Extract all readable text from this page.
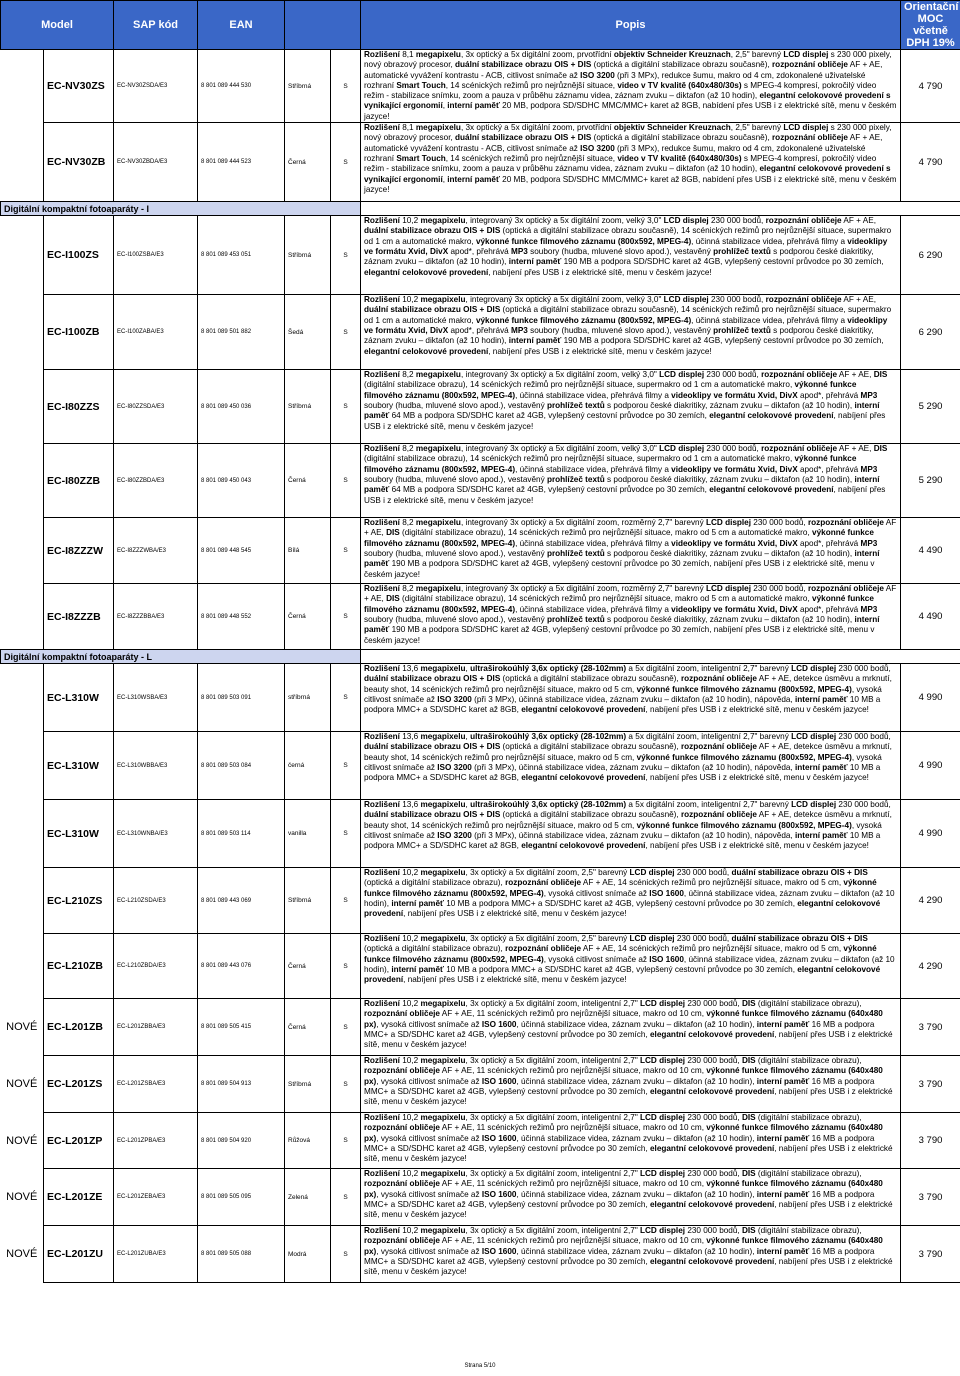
Model		SAP kód	EAN			Popis	Orientační
MOC včetně
DPH 19%
	EC-NV30ZS	EC-NV30ZSDA/E3	8 801 089 444 530	Stříbrná	S	Rozlišení 8,1 megapixelu, 3x optický a 5x digitální zoom, prvotřídní objektiv Schneider Kreuznach, 2,5" barevný LCD displej s 230 000 pixely, nový obrazový procesor, duální stabilizace obrazu OIS + DIS (optická a digitální stabilizace obrazu současně), rozpoznání obličeje AF + AE, automatické vyvážení kontrastu - ACB, citlivost snímače až ISO 3200 (při 3 MPx), redukce šumu, makro od 4 cm, zdokonalené uživatelské rozhraní Smart Touch, 14 scénických režimů pro nejrůznější situace, video v TV kvalitě (640x480/30s) s MPEG-4 kompresí, pokročilý video režim - stabilizace snímku, zoom a pauza v průběhu záznamu videa, záznam zvuku – diktafon (až 10 hodin), elegantní celokovové provedení s vynikající ergonomií, interní paměť 20 MB, podpora SD/SDHC MMC/MMC+ karet až 8GB, nabídení přes USB i z elektrické sítě, menu v českém jazyce!	4 790
	EC-NV30ZB	EC-NV30ZBDA/E3	8 801 089 444 523	Černá	S	Rozlišení 8,1 megapixelu, 3x optický a 5x digitální zoom, prvotřídní objektiv Schneider Kreuznach, 2,5" barevný LCD displej s 230 000 pixely, nový obrazový procesor, duální stabilizace obrazu OIS + DIS (optická a digitální stabilizace obrazu současně), rozpoznání obličeje AF + AE, automatické vyvážení kontrastu - ACB, citlivost snímače až ISO 3200 (při 3 MPx), redukce šumu, makro od 4 cm, zdokonalené uživatelské rozhraní Smart Touch, 14 scénických režimů pro nejrůznější situace, video v TV kvalitě (640x480/30s) s MPEG-4 kompresí, pokročilý video režim - stabilizace snímku, zoom a pauza v průběhu záznamu videa, záznam zvuku – diktafon (až 10 hodin), elegantní celokovové provedení s vynikající ergonomií, interní paměť 20 MB, podpora SD/SDHC MMC/MMC+ karet až 8GB, nabídení přes USB i z elektrické sítě, menu v českém jazyce!	4 790
Digitální kompaktní fotoaparáty - I							
	EC-I100ZS	EC-I100ZSBA/E3	8 801 089 453 051	Stříbrná	S	Rozlišení 10,2 megapixelu, integrovaný 3x optický a 5x digitální zoom, velký 3,0" LCD displej 230 000 bodů, rozpoznání obličeje AF + AE, duální stabilizace obrazu OIS + DIS (optická a digitální stabilizace obrazu současně), 14 scénických režimů pro nejrůznější situace, supermakro od 1 cm a automatické makro, výkonné funkce filmového záznamu (800x592, MPEG-4), účinná stabilizace videa, přehrává filmy a videoklipy ve formátu Xvid, DivX apod*, přehrává MP3 soubory (hudba, mluvené slovo apod.), vestavěný prohlížeč textů s podporou české diakritiky, záznam zvuku – diktafon (až 10 hodin), interní paměť 190 MB a podpora SD/SDHC karet až 4GB, vylepšený cestovní průvodce po 30 zemích, elegantní celokovové provedení, nabíjení přes USB i z elektrické sítě, menu v českém jazyce!	6 290
	EC-I100ZB	EC-I100ZABA/E3	8 801 089 501 882	Šedá	S	Rozlišení 10,2 megapixelu, integrovaný 3x optický a 5x digitální zoom, velký 3,0" LCD displej 230 000 bodů, rozpoznání obličeje AF + AE, duální stabilizace obrazu OIS + DIS (optická a digitální stabilizace obrazu současně), 14 scénických režimů pro nejrůznější situace, supermakro od 1 cm a automatické makro, výkonné funkce filmového záznamu (800x592, MPEG-4), účinná stabilizace videa, přehrává filmy a videoklipy ve formátu Xvid, DivX apod*, přehrává MP3 soubory (hudba, mluvené slovo apod.), vestavěný prohlížeč textů s podporou české diakritiky, záznam zvuku – diktafon (až 10 hodin), interní paměť 190 MB a podpora SD/SDHC karet až 4GB, vylepšený cestovní průvodce po 30 zemích, elegantní celokovové provedení, nabíjení přes USB i z elektrické sítě, menu v českém jazyce!	6 290
	EC-I80ZZS	EC-I80ZZSDA/E3	8 801 089 450 036	Stříbrná	S	Rozlišení 8,2 megapixelu, integrovaný 3x optický a 5x digitální zoom, velký 3,0" LCD displej 230 000 bodů, rozpoznání obličeje AF + AE, DIS (digitální stabilizace obrazu), 14 scénických režimů pro nejrůznější situace, supermakro od 1 cm a automatické makro, výkonné funkce filmového záznamu (800x592, MPEG-4), účinná stabilizace videa, přehrává filmy a videoklipy ve formátu Xvid, DivX apod*, přehrává MP3 soubory (hudba, mluvené slovo apod.), vestavěný prohlížeč textů s podporou české diakritiky, záznam zvuku – diktafon (až 10 hodin), interní paměť 64 MB a podpora SD/SDHC karet až 4GB, vylepšený cestovní průvodce po 30 zemích, elegantní celokovové provedení, nabíjení přes USB i z elektrické sítě, menu v českém jazyce!	5 290
	EC-I80ZZB	EC-I80ZZBDA/E3	8 801 089 450 043	Černá	S	Rozlišení 8,2 megapixelu, integrovaný 3x optický a 5x digitální zoom, velký 3,0" LCD displej 230 000 bodů, rozpoznání obličeje AF + AE, DIS (digitální stabilizace obrazu), 14 scénických režimů pro nejrůznější situace, supermakro od 1 cm a automatické makro, výkonné funkce filmového záznamu (800x592, MPEG-4), účinná stabilizace videa, přehrává filmy a videoklipy ve formátu Xvid, DivX apod*, přehrává MP3 soubory (hudba, mluvené slovo apod.), vestavěný prohlížeč textů s podporou české diakritiky, záznam zvuku – diktafon (až 10 hodin), interní paměť 64 MB a podpora SD/SDHC karet až 4GB, vylepšený cestovní průvodce po 30 zemích, elegantní celokovové provedení, nabíjení přes USB i z elektrické sítě, menu v českém jazyce!	5 290
	EC-I8ZZZW	EC-I8ZZZWBA/E3	8 801 089 448 545	Bílá	S	Rozlišení 8,2 megapixelu, integrovaný 3x optický a 5x digitální zoom, rozměrný 2,7" barevný LCD displej 230 000 bodů, rozpoznání obličeje AF + AE, DIS (digitální stabilizace obrazu), 14 scénických režimů pro nejrůznější situace, makro od 5 cm a automatické makro, výkonné funkce filmového záznamu (800x592, MPEG-4), účinná stabilizace videa, přehrává filmy a videoklipy ve formátu Xvid, DivX apod*, přehrává MP3 soubory (hudba, mluvené slovo apod.), vestavěný prohlížeč textů s podporou české diakritiky, záznam zvuku – diktafon (až 10 hodin), interní paměť 190 MB a podpora SD/SDHC karet až 4GB, vylepšený cestovní průvodce po 30 zemích, nabíjení přes USB i z elektrické sítě, menu v českém jazyce!	4 490
	EC-I8ZZZB	EC-I8ZZZBBA/E3	8 801 089 448 552	Černá	S	Rozlišení 8,2 megapixelu, integrovaný 3x optický a 5x digitální zoom, rozměrný 2,7" barevný LCD displej 230 000 bodů, rozpoznání obličeje AF + AE, DIS (digitální stabilizace obrazu), 14 scénických režimů pro nejrůznější situace, makro od 5 cm a automatické makro, výkonné funkce filmového záznamu (800x592, MPEG-4), účinná stabilizace videa, přehrává filmy a videoklipy ve formátu Xvid, DivX apod*, přehrává MP3 soubory (hudba, mluvené slovo apod.), vestavěný prohlížeč textů s podporou české diakritiky, záznam zvuku – diktafon (až 10 hodin), interní paměť 190 MB a podpora SD/SDHC karet až 4GB, vylepšený cestovní průvodce po 30 zemích, nabíjení přes USB i z elektrické sítě, menu v českém jazyce!	4 490
Digitální kompaktní fotoaparáty - L							
	EC-L310W	EC-L310WSBA/E3	8 801 089 503 091	stříbrná	S	Rozlišení 13,6 megapixelu, ultraširokoúhlý 3,6x optický (28-102mm) a 5x digitální zoom, inteligentní 2,7" barevný LCD displej 230 000 bodů, duální stabilizace obrazu OIS + DIS (optická a digitální stabilizace obrazu současně), rozpoznání obličeje AF + AE, detekce úsměvu a mrknutí, beauty shot, 14 scénických režimů pro nejrůznější situace, makro od 5 cm, výkonné funkce filmového záznamu (800x592, MPEG-4), vysoká citlivost snímače až ISO 3200 (při 3 MPx), účinná stabilizace videa, záznam zvuku – diktafon (až 10 hodin), nápověda, interní paměť 10 MB a podpora MMC+ a SD/SDHC karet až 8GB, elegantní celokovové provedení, nabíjení přes USB i z elektrické sítě, menu v českém jazyce!	4 990
	EC-L310W	EC-L310WBBA/E3	8 801 089 503 084	černá	S	Rozlišení 13,6 megapixelu, ultraširokoúhlý 3,6x optický (28-102mm) a 5x digitální zoom, inteligentní 2,7" barevný LCD displej 230 000 bodů, duální stabilizace obrazu OIS + DIS (optická a digitální stabilizace obrazu současně), rozpoznání obličeje AF + AE, detekce úsměvu a mrknutí, beauty shot, 14 scénických režimů pro nejrůznější situace, makro od 5 cm, výkonné funkce filmového záznamu (800x592, MPEG-4), vysoká citlivost snímače až ISO 3200 (při 3 MPx), účinná stabilizace videa, záznam zvuku – diktafon (až 10 hodin), nápověda, interní paměť 10 MB a podpora MMC+ a SD/SDHC karet až 8GB, elegantní celokovové provedení, nabíjení přes USB i z elektrické sítě, menu v českém jazyce!	4 990
	EC-L310W	EC-L310WNBA/E3	8 801 089 503 114	vanilla	S	Rozlišení 13,6 megapixelu, ultraširokoúhlý 3,6x optický (28-102mm) a 5x digitální zoom, inteligentní 2,7" barevný LCD displej 230 000 bodů, duální stabilizace obrazu OIS + DIS (optická a digitální stabilizace obrazu současně), rozpoznání obličeje AF + AE, detekce úsměvu a mrknutí, beauty shot, 14 scénických režimů pro nejrůznější situace, makro od 5 cm, výkonné funkce filmového záznamu (800x592, MPEG-4), vysoká citlivost snímače až ISO 3200 (při 3 MPx), účinná stabilizace videa, záznam zvuku – diktafon (až 10 hodin), nápověda, interní paměť 10 MB a podpora MMC+ a SD/SDHC karet až 8GB, elegantní celokovové provedení, nabíjení přes USB i z elektrické sítě, menu v českém jazyce!	4 990
	EC-L210ZS	EC-L210ZSDA/E3	8 801 089 443 069	Stříbrná	S	Rozlišení 10,2 megapixelu, 3x optický a 5x digitální zoom, 2,5" barevný LCD displej 230 000 bodů, duální stabilizace obrazu OIS + DIS (optická a digitální stabilizace obrazu), rozpoznání obličeje AF + AE, 14 scénických režimů pro nejrůznější situace, makro od 5 cm, výkonné funkce filmového záznamu (800x592, MPEG-4), vysoká citlivost snímače až ISO 1600, účinná stabilizace videa, záznam zvuku – diktafon (až 10 hodin), interní paměť 10 MB a podpora MMC+ a SD/SDHC karet až 4GB, vylepšený cestovní průvodce po 30 zemích, elegantní celokovové provedení, nabíjení přes USB i z elektrické sítě, menu v českém jazyce!	4 290
	EC-L210ZB	EC-L210ZBDA/E3	8 801 089 443 076	Černá	S	Rozlišení 10,2 megapixelu, 3x optický a 5x digitální zoom, 2,5" barevný LCD displej 230 000 bodů, duální stabilizace obrazu OIS + DIS (optická a digitální stabilizace obrazu), rozpoznání obličeje AF + AE, 14 scénických režimů pro nejrůznější situace, makro od 5 cm, výkonné funkce filmového záznamu (800x592, MPEG-4), vysoká citlivost snímače až ISO 1600, účinná stabilizace videa, záznam zvuku – diktafon (až 10 hodin), interní paměť 10 MB a podpora MMC+ a SD/SDHC karet až 4GB, vylepšený cestovní průvodce po 30 zemích, elegantní celokovové provedení, nabíjení přes USB i z elektrické sítě, menu v českém jazyce!	4 290
NOVÉ	EC-L201ZB	EC-L201ZBBA/E3	8 801 089 505 415	Černá	S	Rozlišení 10,2 megapixelu, 3x optický a 5x digitální zoom, inteligentní 2,7" LCD displej 230 000 bodů, DIS (digitální stabilizace obrazu), rozpoznání obličeje AF + AE, 11 scénických režimů pro nejrůznější situace, makro od 10 cm, výkonné funkce filmového záznamu (640x480 px), vysoká citlivost snímače až ISO 1600, účinná stabilizace videa, záznam zvuku – diktafon (až 10 hodin), interní paměť 16 MB a podpora MMC+ a SD/SDHC karet až 4GB, vylepšený cestovní průvodce po 30 zemích, elegantní celokovové provedení, nabíjení přes USB i z elektrické sítě, menu v českém jazyce!	3 790
NOVÉ	EC-L201ZS	EC-L201ZSBA/E3	8 801 089 504 913	Stříbrná	S	Rozlišení 10,2 megapixelu, 3x optický a 5x digitální zoom, inteligentní 2,7" LCD displej 230 000 bodů, DIS (digitální stabilizace obrazu), rozpoznání obličeje AF + AE, 11 scénických režimů pro nejrůznější situace, makro od 10 cm, výkonné funkce filmového záznamu (640x480 px), vysoká citlivost snímače až ISO 1600, účinná stabilizace videa, záznam zvuku – diktafon (až 10 hodin), interní paměť 16 MB a podpora MMC+ a SD/SDHC karet až 4GB, vylepšený cestovní průvodce po 30 zemích, elegantní celokovové provedení, nabíjení přes USB i z elektrické sítě, menu v českém jazyce!	3 790
NOVÉ	EC-L201ZP	EC-L201ZPBA/E3	8 801 089 504 920	Růžová	S	Rozlišení 10,2 megapixelu, 3x optický a 5x digitální zoom, inteligentní 2,7" LCD displej 230 000 bodů, DIS (digitální stabilizace obrazu), rozpoznání obličeje AF + AE, 11 scénických režimů pro nejrůznější situace, makro od 10 cm, výkonné funkce filmového záznamu (640x480 px), vysoká citlivost snímače až ISO 1600, účinná stabilizace videa, záznam zvuku – diktafon (až 10 hodin), interní paměť 16 MB a podpora MMC+ a SD/SDHC karet až 4GB, vylepšený cestovní průvodce po 30 zemích, elegantní celokovové provedení, nabíjení přes USB i z elektrické sítě, menu v českém jazyce!	3 790
NOVÉ	EC-L201ZE	EC-L201ZEBA/E3	8 801 089 505 095	Zelená	S	Rozlišení 10,2 megapixelu, 3x optický a 5x digitální zoom, inteligentní 2,7" LCD displej 230 000 bodů, DIS (digitální stabilizace obrazu), rozpoznání obličeje AF + AE, 11 scénických režimů pro nejrůznější situace, makro od 10 cm, výkonné funkce filmového záznamu (640x480 px), vysoká citlivost snímače až ISO 1600, účinná stabilizace videa, záznam zvuku – diktafon (až 10 hodin), interní paměť 16 MB a podpora MMC+ a SD/SDHC karet až 4GB, vylepšený cestovní průvodce po 30 zemích, elegantní celokovové provedení, nabíjení přes USB i z elektrické sítě, menu v českém jazyce!	3 790
NOVÉ	EC-L201ZU	EC-L201ZUBA/E3	8 801 089 505 088	Modrá	S	Rozlišení 10,2 megapixelu, 3x optický a 5x digitální zoom, inteligentní 2,7" LCD displej 230 000 bodů, DIS (digitální stabilizace obrazu), rozpoznání obličeje AF + AE, 11 scénických režimů pro nejrůznější situace, makro od 10 cm, výkonné funkce filmového záznamu (640x480 px), vysoká citlivost snímače až ISO 1600, účinná stabilizace videa, záznam zvuku – diktafon (až 10 hodin), interní paměť 16 MB a podpora MMC+ a SD/SDHC karet až 4GB, vylepšený cestovní průvodce po 30 zemích, elegantní celokovové provedení, nabíjení přes USB i z elektrické sítě, menu v českém jazyce!	3 790
Strana 5/10
